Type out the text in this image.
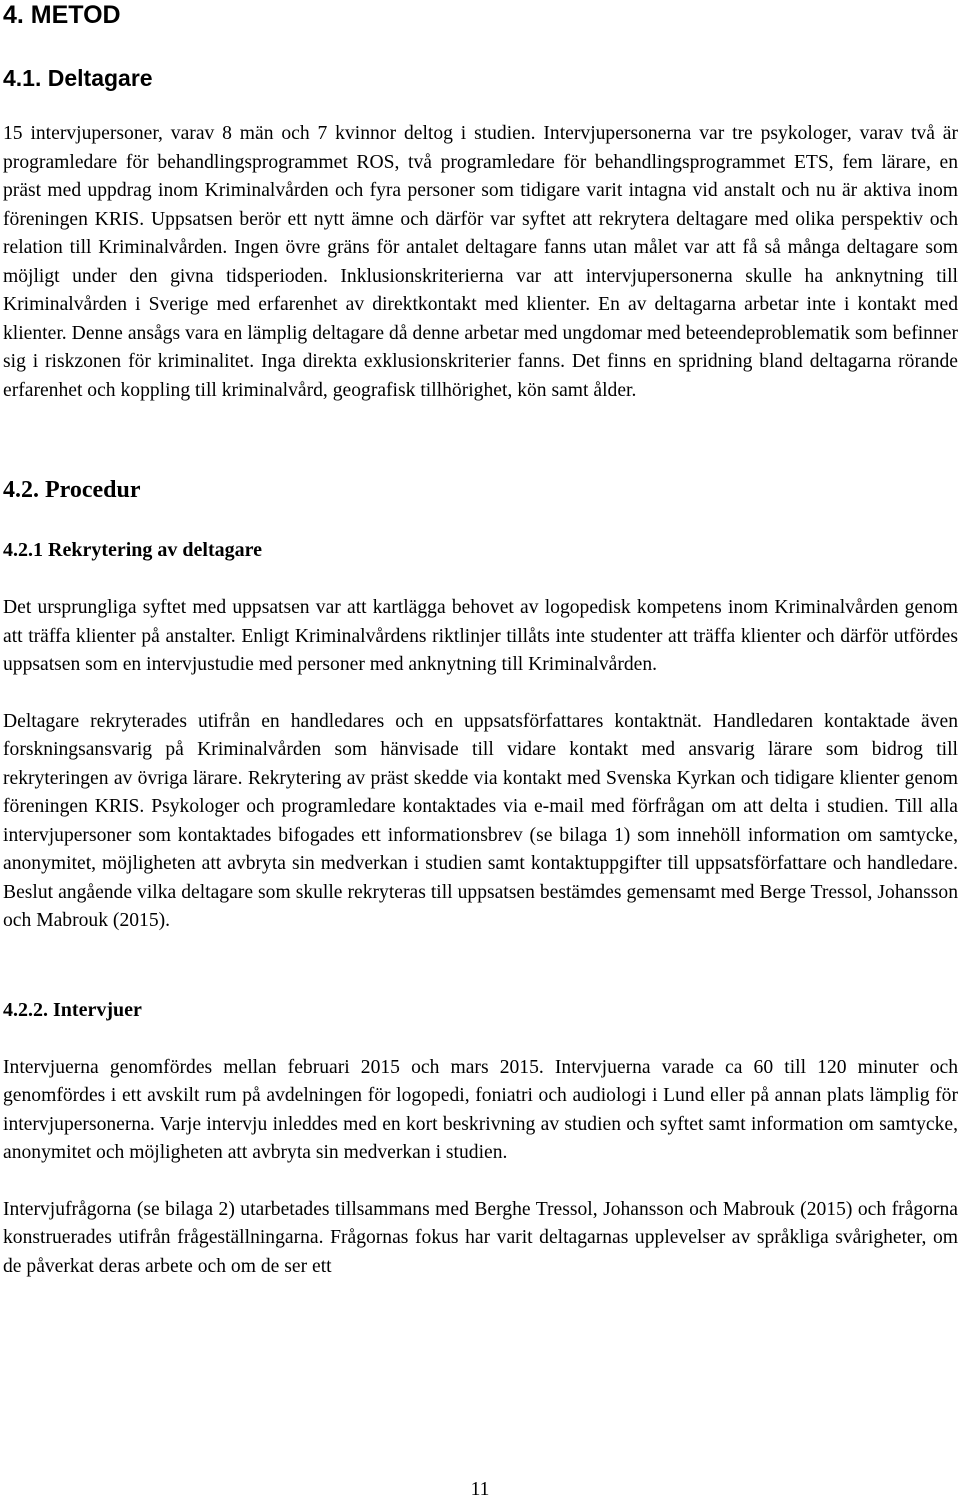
4. METOD
4.1. Deltagare

15 intervjupersoner, varav 8 män och 7 kvinnor deltog i studien. Intervjupersonerna var tre psykologer, varav två är programledare för behandlingsprogrammet ROS, två programledare för behandlingsprogrammet ETS, fem lärare, en präst med uppdrag inom Kriminalvården och fyra personer som tidigare varit intagna vid anstalt och nu är aktiva inom föreningen KRIS. Uppsatsen berör ett nytt ämne och därför var syftet att rekrytera deltagare med olika perspektiv och relation till Kriminalvården. Ingen övre gräns för antalet deltagare fanns utan målet var att få så många deltagare som möjligt under den givna tidsperioden. Inklusionskriterierna var att intervjupersonerna skulle ha anknytning till Kriminalvården i Sverige med erfarenhet av direktkontakt med klienter. En av deltagarna arbetar inte i kontakt med klienter. Denne ansågs vara en lämplig deltagare då denne arbetar med ungdomar med beteendeproblematik som befinner sig i riskzonen för kriminalitet. Inga direkta exklusionskriterier fanns. Det finns en spridning bland deltagarna rörande erfarenhet och koppling till kriminalvård, geografisk tillhörighet, kön samt ålder.

4.2. Procedur
4.2.1 Rekrytering av deltagare

Det ursprungliga syftet med uppsatsen var att kartlägga behovet av logopedisk kompetens inom Kriminalvården genom att träffa klienter på anstalter. Enligt Kriminalvårdens riktlinjer tillåts inte studenter att träffa klienter och därför utfördes uppsatsen som en intervjustudie med personer med anknytning till Kriminalvården.

Deltagare rekryterades utifrån en handledares och en uppsatsförfattares kontaktnät. Handledaren kontaktade även forskningsansvarig på Kriminalvården som hänvisade till vidare kontakt med ansvarig lärare som bidrog till rekryteringen av övriga lärare. Rekrytering av präst skedde via kontakt med Svenska Kyrkan och tidigare klienter genom föreningen KRIS. Psykologer och programledare kontaktades via e-mail med förfrågan om att delta i studien. Till alla intervjupersoner som kontaktades bifogades ett informationsbrev (se bilaga 1) som innehöll information om samtycke, anonymitet, möjligheten att avbryta sin medverkan i studien samt kontaktuppgifter till uppsatsförfattare och handledare. Beslut angående vilka deltagare som skulle rekryteras till uppsatsen bestämdes gemensamt med Berge Tressol, Johansson och Mabrouk (2015).

4.2.2. Intervjuer

Intervjuerna genomfördes mellan februari 2015 och mars 2015. Intervjuerna varade ca 60 till 120 minuter och genomfördes i ett avskilt rum på avdelningen för logopedi, foniatri och audiologi i Lund eller på annan plats lämplig för intervjupersonerna. Varje intervju inleddes med en kort beskrivning av studien och syftet samt information om samtycke, anonymitet och möjligheten att avbryta sin medverkan i studien.

Intervjufrågorna (se bilaga 2) utarbetades tillsammans med Berghe Tressol, Johansson och Mabrouk (2015) och frågorna konstruerades utifrån frågeställningarna. Frågornas fokus har varit deltagarnas upplevelser av språkliga svårigheter, om de påverkat deras arbete och om de ser ett

11
